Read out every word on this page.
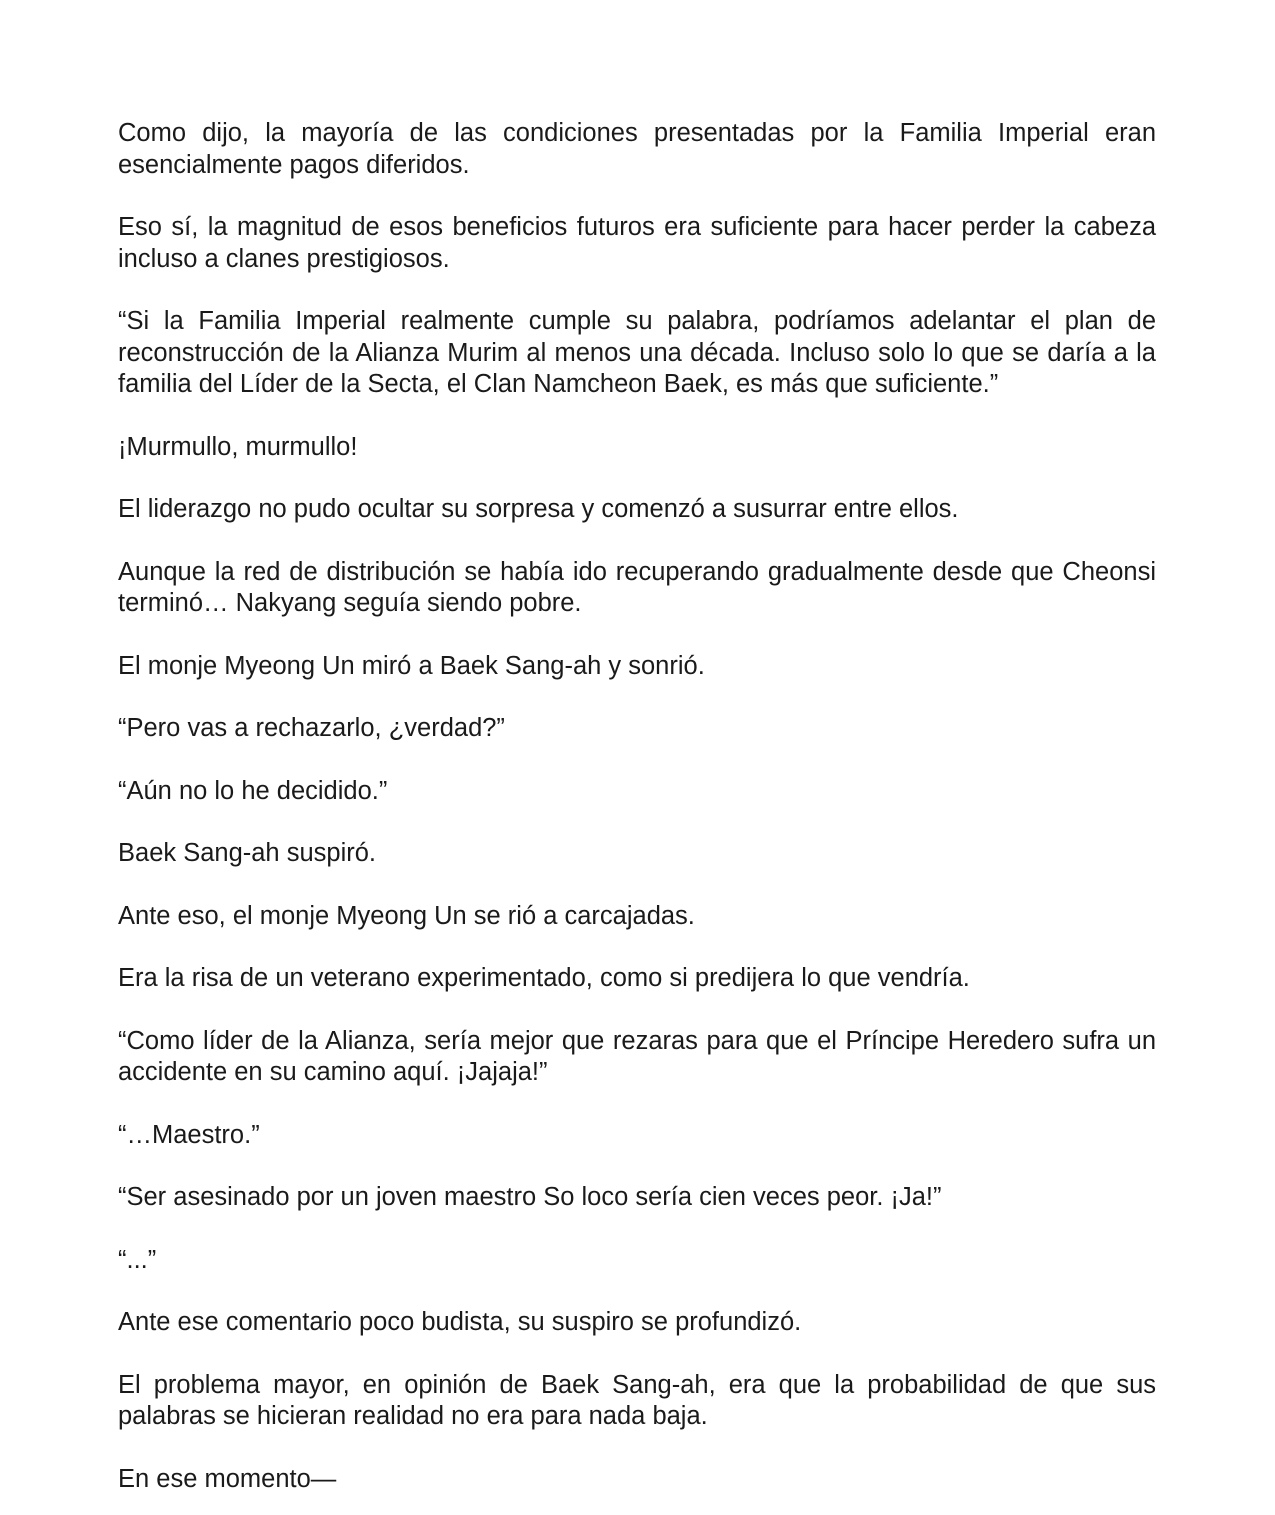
Como dijo, la mayoría de las condiciones presentadas por la Familia Imperial eran esencialmente pagos diferidos.

Eso sí, la magnitud de esos beneficios futuros era suficiente para hacer perder la cabeza incluso a clanes prestigiosos.

“Si la Familia Imperial realmente cumple su palabra, podríamos adelantar el plan de reconstrucción de la Alianza Murim al menos una década. Incluso solo lo que se daría a la familia del Líder de la Secta, el Clan Namcheon Baek, es más que suficiente.”

¡Murmullo, murmullo!

El liderazgo no pudo ocultar su sorpresa y comenzó a susurrar entre ellos.

Aunque la red de distribución se había ido recuperando gradualmente desde que Cheonsi terminó… Nakyang seguía siendo pobre.

El monje Myeong Un miró a Baek Sang-ah y sonrió.

“Pero vas a rechazarlo, ¿verdad?”

“Aún no lo he decidido.”

Baek Sang-ah suspiró.

Ante eso, el monje Myeong Un se rió a carcajadas.

Era la risa de un veterano experimentado, como si predijera lo que vendría.

“Como líder de la Alianza, sería mejor que rezaras para que el Príncipe Heredero sufra un accidente en su camino aquí. ¡Jajaja!”

“…Maestro.”

“Ser asesinado por un joven maestro So loco sería cien veces peor. ¡Ja!”

“...”

Ante ese comentario poco budista, su suspiro se profundizó.

El problema mayor, en opinión de Baek Sang-ah, era que la probabilidad de que sus palabras se hicieran realidad no era para nada baja.

En ese momento—
